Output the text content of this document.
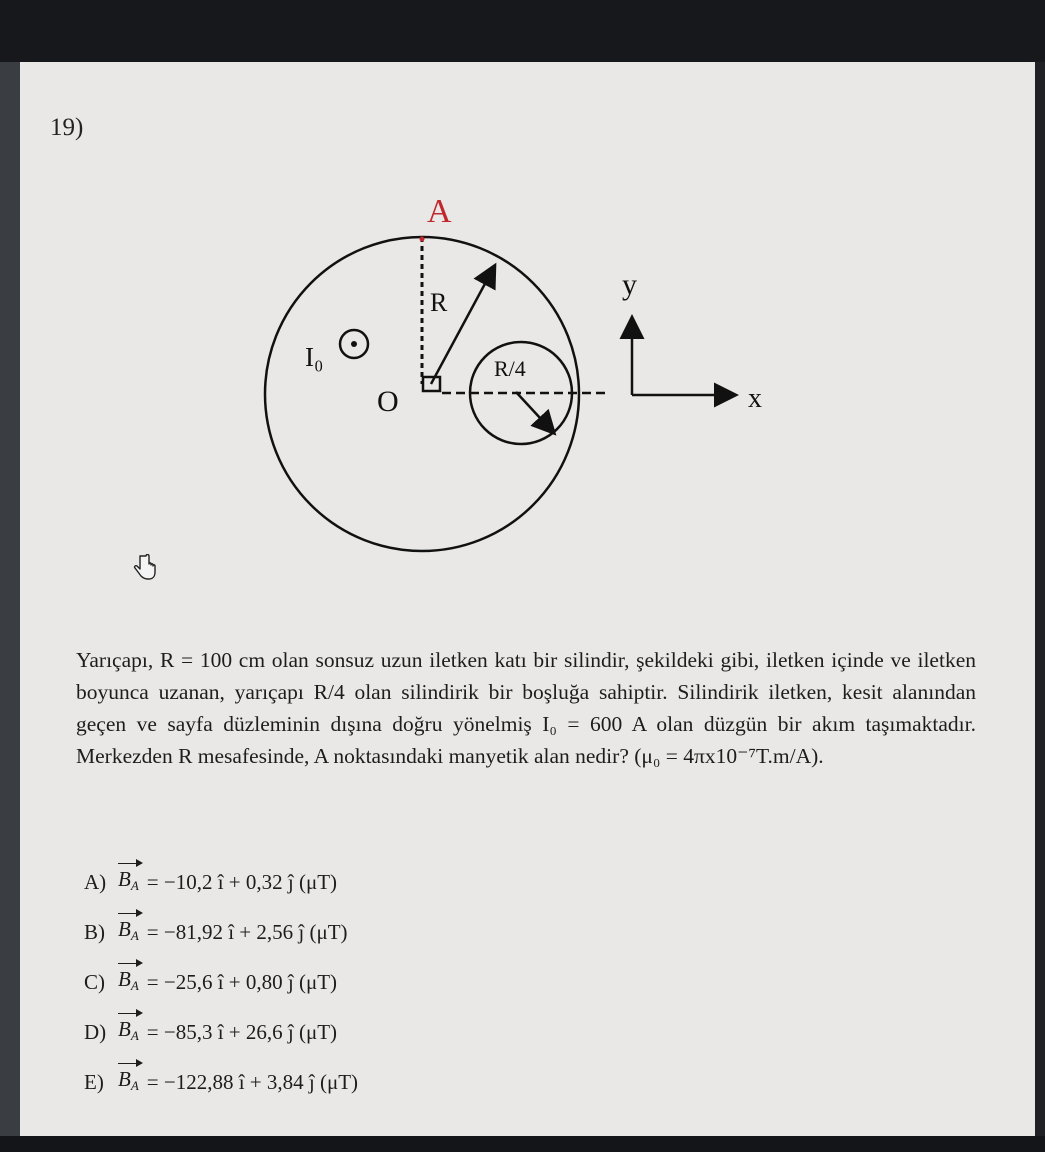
19)
A
R
R/4
O
I₀
y
x

Yarıçapı, R = 100 cm olan sonsuz uzun iletken katı bir silindir, şekildeki gibi, iletken içinde ve iletken boyunca uzanan, yarıçapı R/4 olan silindirik bir boşluğa sahiptir. Silindirik iletken, kesit alanından geçen ve sayfa düzleminin dışına doğru yönelmiş I₀ = 600 A olan düzgün bir akım taşımaktadır. Merkezden R mesafesinde, A noktasındaki manyetik alan nedir? (μ₀ = 4πx10⁻⁷T.m/A).

A) $B_A = -10,2$ î + 0,32 ĵ (μT)
B) $B_A = -81,92$ î + 2,56 ĵ (μT)
C) $B_A = -25,6$ î + 0,80 ĵ (μT)
D) $B_A = -85,3$ î + 26,6 ĵ (μT)
E) $B_A = -122,88$ î + 3,84 ĵ (μT)
